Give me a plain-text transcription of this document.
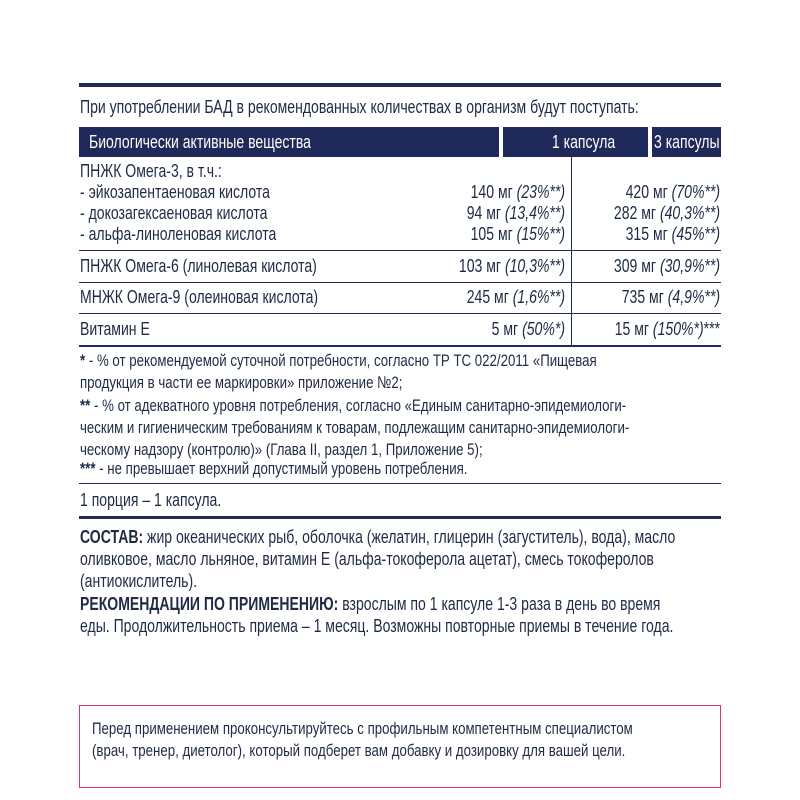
При употреблении БАД в рекомендованных количествах в организм будут поступать:
Биологически активные вещества	1 капсула 3 капсулы
ПНЖК Омега-3, в т.ч.:
- эйкозапентаеновая кислота	140 мг (23%**)	420 мг (70%**)
- докозагексаеновая кислота	94 мг (13,4%**)	282 мг (40,3%**)
- альфа-линоленовая кислота	105 мг (15%**)	315 мг (45%**)
ПНЖК Омега-6 (линолевая кислота)	103 мг (10,3%**)	309 мг (30,9%**)
МНЖК Омега-9 (олеиновая кислота)	245 мг (1,6%**)	735 мг (4,9%**)
Витамин Е	5 мг (50%*)	15 мг (150%*)***
* - % от рекомендуемой суточной потребности, согласно ТР ТС 022/2011 «Пищевая
продукция в части ее маркировки» приложение №2;
** - % от адекватного уровня потребления, согласно «Единым санитарно-эпидемиологи-
ческим и гигиеническим требованиям к товарам, подлежащим санитарно-эпидемиологи-
ческому надзору (контролю)» (Глава II, раздел 1, Приложение 5);
*** - не превышает верхний допустимый уровень потребления.
1 порция – 1 капсула.
СОСТАВ: жир океанических рыб, оболочка (желатин, глицерин (загуститель), вода), масло
оливковое, масло льняное, витамин Е (альфа-токоферола ацетат), смесь токоферолов
(антиокислитель).
РЕКОМЕНДАЦИИ ПО ПРИМЕНЕНИЮ: взрослым по 1 капсуле 1-3 раза в день во время
еды. Продолжительность приема – 1 месяц. Возможны повторные приемы в течение года.
Перед применением проконсультируйтесь с профильным компетентным специалистом
(врач, тренер, диетолог), который подберет вам добавку и дозировку для вашей цели.
